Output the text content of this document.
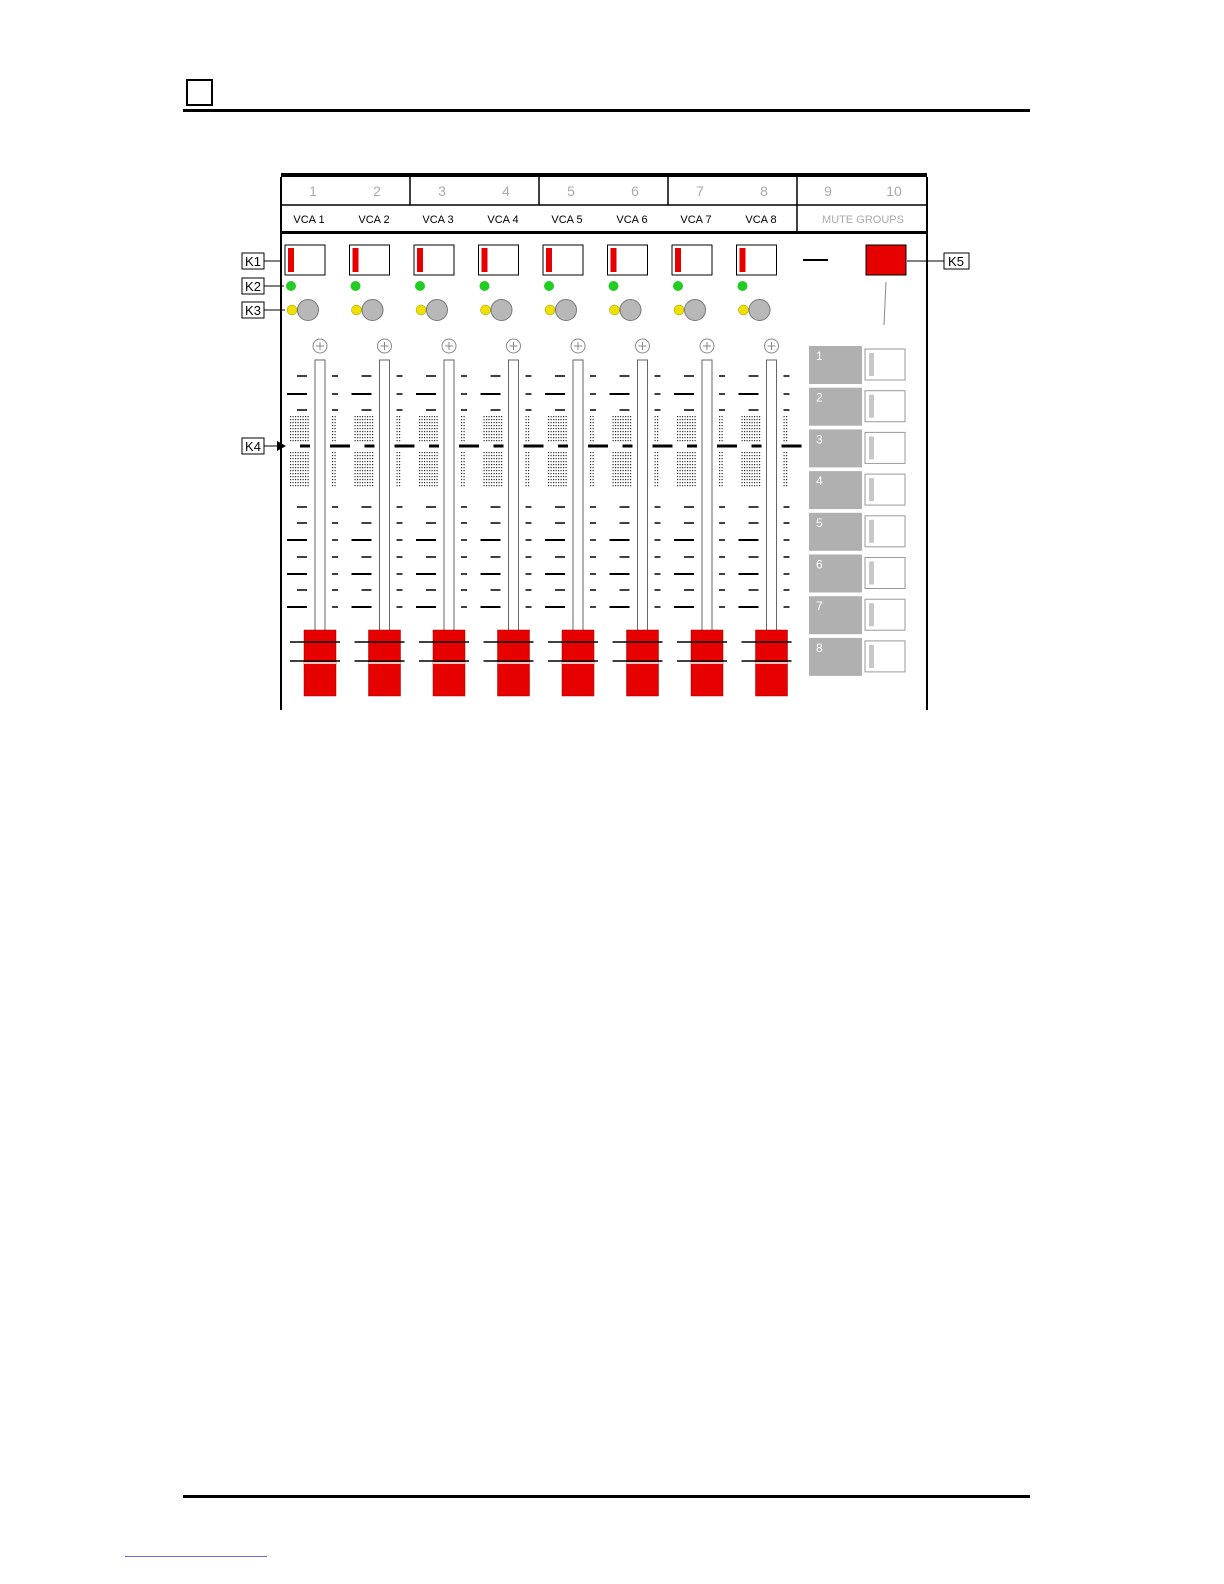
1	2	3	4	5	6	7	8	9	10
VCA 1	VCA 2	VCA 3	VCA 4	VCA 5	VCA 6	VCA 7	VCA 8	MUTE GROUPS
1
2
3
4
5
6
7
8
K1
K2
K3
K4
K5
